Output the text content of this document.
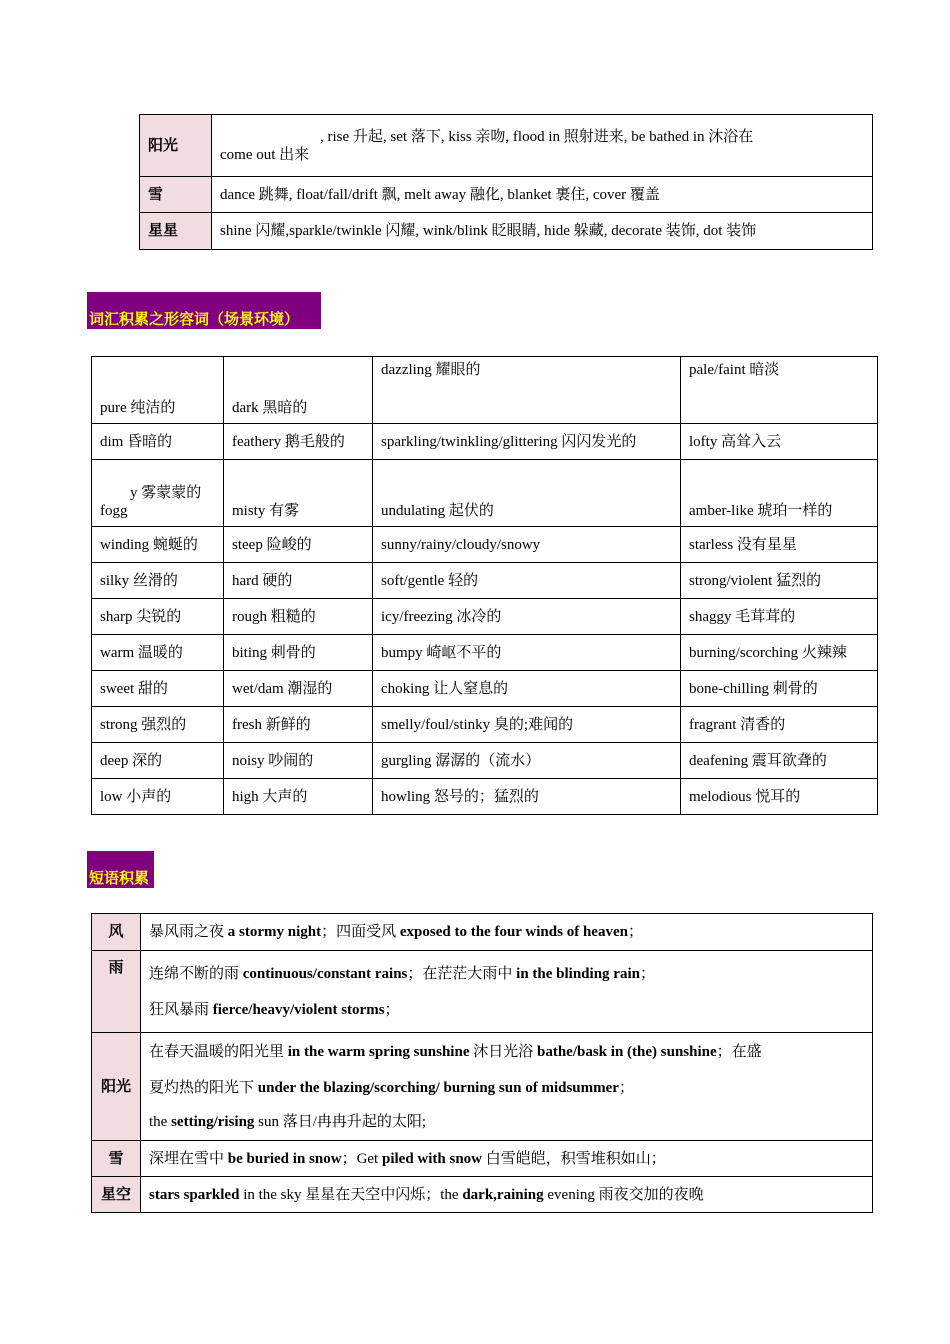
阳光	, rise 升起, set 落下, kiss 亲吻, flood in 照射进来, be bathed in 沐浴在
come out 出来
雪	dance 跳舞, float/fall/drift 飘, melt away 融化, blanket 裹住, cover 覆盖
星星	shine 闪耀,sparkle/twinkle 闪耀, wink/blink 眨眼睛, hide 躲藏, decorate 装饰, dot 装饰
词汇积累之形容词（场景环境）
pure 纯洁的	dark 黑暗的	dazzling 耀眼的	pale/faint 暗淡
dim 昏暗的	feathery 鹅毛般的	sparkling/twinkling/glittering 闪闪发光的	lofty 高耸入云

y 雾蒙蒙的
fogg	misty 有雾	undulating 起伏的	amber-like 琥珀一样的
winding 蜿蜒的	steep 险峻的	sunny/rainy/cloudy/snowy	starless 没有星星
silky 丝滑的	hard 硬的	soft/gentle 轻的	strong/violent 猛烈的
sharp 尖锐的	rough 粗糙的	icy/freezing 冰冷的	shaggy 毛茸茸的
warm 温暖的	biting 刺骨的	bumpy 崎岖不平的	burning/scorching 火辣辣
sweet 甜的	wet/dam 潮湿的	choking 让人窒息的	bone-chilling 刺骨的
strong 强烈的	fresh 新鲜的	smelly/foul/stinky 臭的;难闻的	fragrant 清香的
deep 深的	noisy 吵闹的	gurgling 潺潺的（流水）	deafening 震耳欲聋的
low 小声的	high 大声的	howling 怒号的；猛烈的	melodious 悦耳的
短语积累
风	暴风雨之夜 a stormy night；四面受风 exposed to the four winds of heaven；
雨	连绵不断的雨 continuous/constant rains；在茫茫大雨中 in the blinding rain；
狂风暴雨 fierce/heavy/violent storms；

阳光	在春天温暖的阳光里 in the warm spring sunshine 沐日光浴 bathe/bask in (the) sunshine；在盛
夏灼热的阳光下 under the blazing/scorching/ burning sun of midsummer；
the setting/rising sun 落日/冉冉升起的太阳;

雪	深埋在雪中 be buried in snow；Get piled with snow 白雪皑皑，积雪堆积如山；
星空	stars sparkled in the sky 星星在天空中闪烁；the dark,raining evening 雨夜交加的夜晚
